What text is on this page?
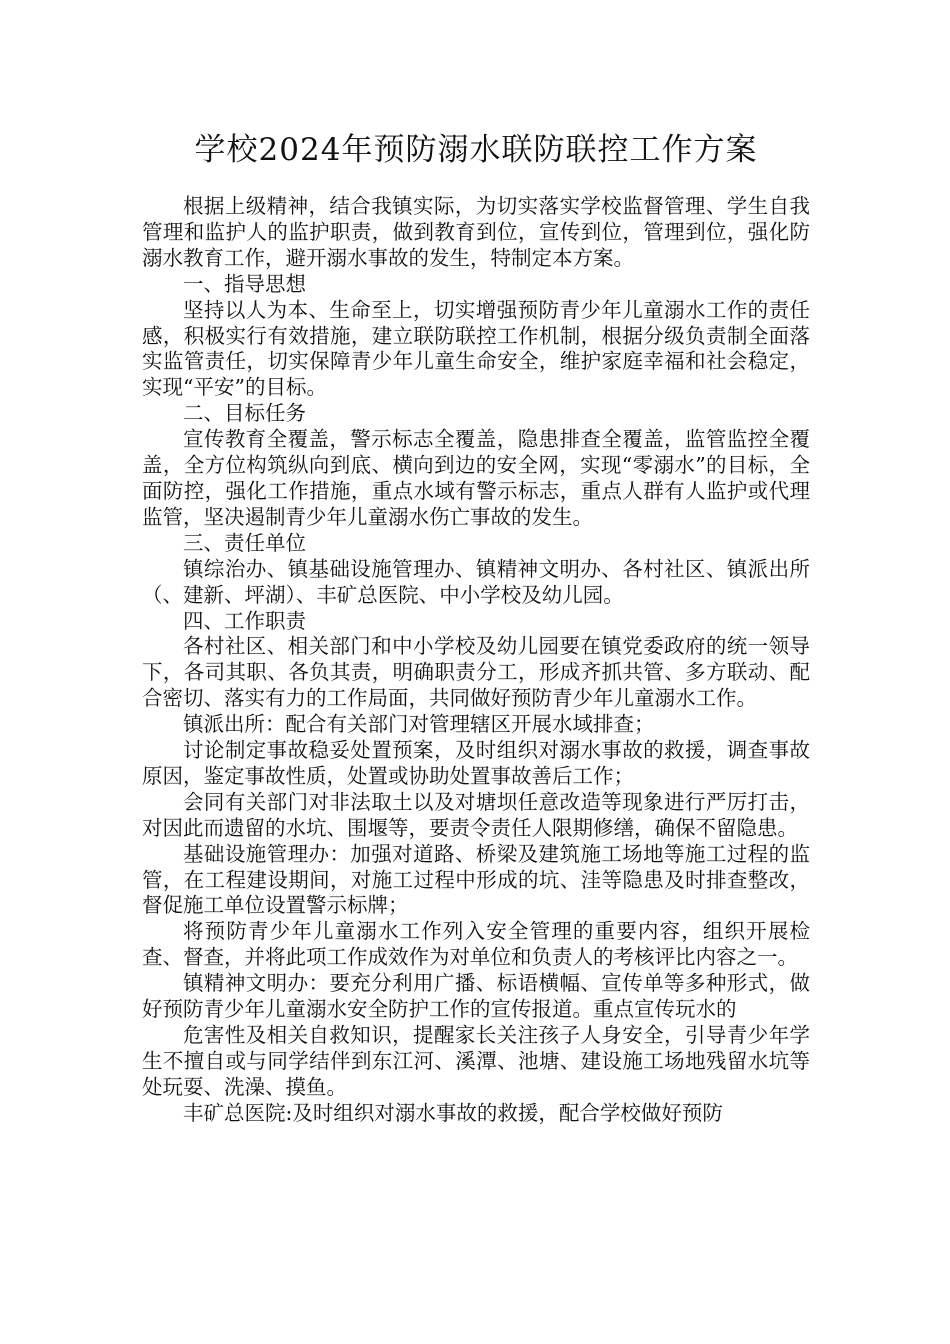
学校2024年预防溺水联防联控工作方案

根据上级精神，结合我镇实际，为切实落实学校监督管理、学生自我管理和监护人的监护职责，做到教育到位，宣传到位，管理到位，强化防溺水教育工作，避开溺水事故的发生，特制定本方案。

一、指导思想

坚持以人为本、生命至上，切实增强预防青少年儿童溺水工作的责任感，积极实行有效措施，建立联防联控工作机制，根据分级负责制全面落实监管责任，切实保障青少年儿童生命安全，维护家庭幸福和社会稳定，实现“平安”的目标。

二、目标任务

宣传教育全覆盖，警示标志全覆盖，隐患排查全覆盖，监管监控全覆盖，全方位构筑纵向到底、横向到边的安全网，实现“零溺水”的目标，全面防控，强化工作措施，重点水域有警示标志，重点人群有人监护或代理监管，坚决遏制青少年儿童溺水伤亡事故的发生。

三、责任单位

镇综治办、镇基础设施管理办、镇精神文明办、各村社区、镇派出所（、建新、坪湖）、丰矿总医院、中小学校及幼儿园。

四、工作职责

各村社区、相关部门和中小学校及幼儿园要在镇党委政府的统一领导下，各司其职、各负其责，明确职责分工，形成齐抓共管、多方联动、配合密切、落实有力的工作局面，共同做好预防青少年儿童溺水工作。

镇派出所：配合有关部门对管理辖区开展水域排查；

讨论制定事故稳妥处置预案，及时组织对溺水事故的救援，调查事故原因，鉴定事故性质，处置或协助处置事故善后工作；

会同有关部门对非法取土以及对塘坝任意改造等现象进行严厉打击，对因此而遗留的水坑、围堰等，要责令责任人限期修缮，确保不留隐患。

基础设施管理办：加强对道路、桥梁及建筑施工场地等施工过程的监管，在工程建设期间，对施工过程中形成的坑、洼等隐患及时排查整改，督促施工单位设置警示标牌；

将预防青少年儿童溺水工作列入安全管理的重要内容，组织开展检查、督查，并将此项工作成效作为对单位和负责人的考核评比内容之一。

镇精神文明办：要充分利用广播、标语横幅、宣传单等多种形式，做好预防青少年儿童溺水安全防护工作的宣传报道。重点宣传玩水的

危害性及相关自救知识，提醒家长关注孩子人身安全，引导青少年学生不擅自或与同学结伴到东江河、溪潭、池塘、建设施工场地残留水坑等处玩耍、洗澡、摸鱼。

丰矿总医院:及时组织对溺水事故的救援，配合学校做好预防
